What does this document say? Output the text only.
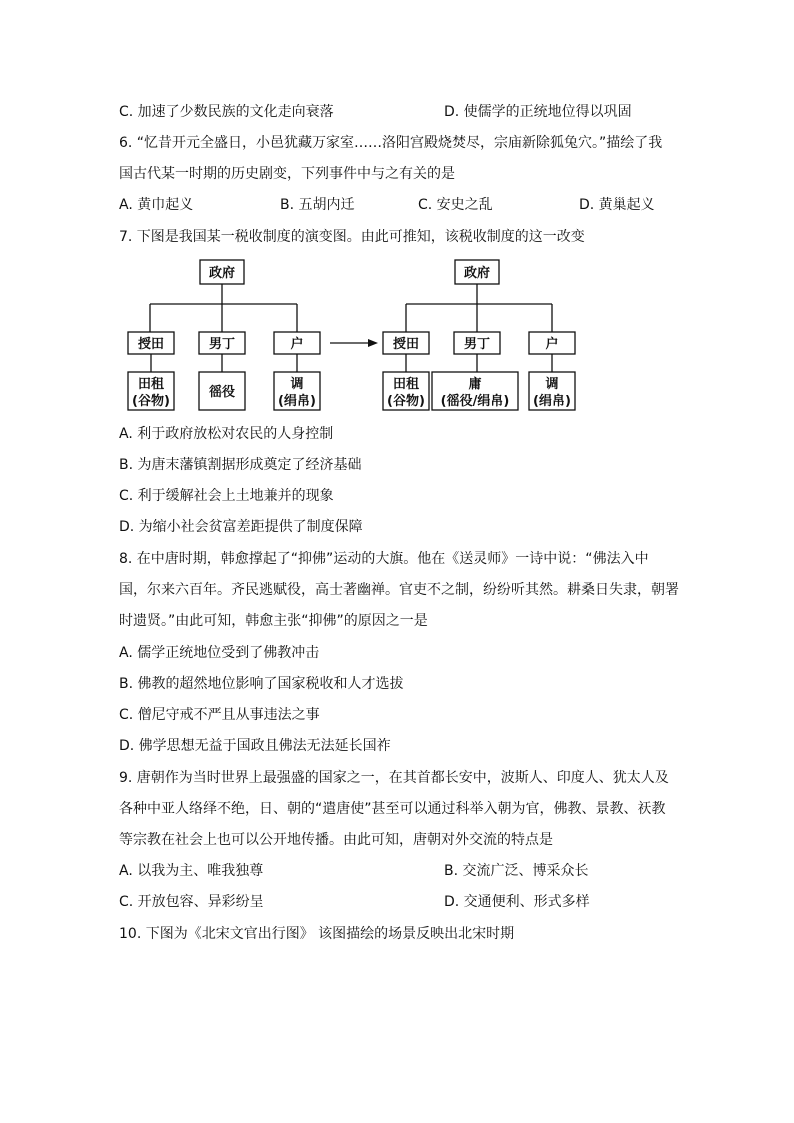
C. 加速了少数民族的文化走向衰落	D. 使儒学的正统地位得以巩固
6. “忆昔开元全盛日，小邑犹藏万家室……洛阳宫殿烧焚尽，宗庙新除狐兔穴。”描绘了我
国古代某一时期的历史剧变，下列事件中与之有关的是
A. 黄巾起义	B. 五胡内迁	C. 安史之乱	D. 黄巢起义
7. 下图是我国某一税收制度的演变图。由此可推知，该税收制度的这一改变
政府
授田	男丁	户
田租
(谷物)
徭役
调
(绢帛)
政府
授田	男丁	户
田租
(谷物)
庸
(徭役/绢帛)
调
(绢帛)
A. 利于政府放松对农民的人身控制
B. 为唐末藩镇割据形成奠定了经济基础
C. 利于缓解社会上土地兼并的现象
D. 为缩小社会贫富差距提供了制度保障
8. 在中唐时期，韩愈撑起了“抑佛”运动的大旗。他在《送灵师》一诗中说：“佛法入中
国，尔来六百年。齐民逃赋役，高士著幽禅。官吏不之制，纷纷听其然。耕桑日失隶，朝署
时遗贤。”由此可知，韩愈主张“抑佛”的原因之一是
A. 儒学正统地位受到了佛教冲击
B. 佛教的超然地位影响了国家税收和人才选拔
C. 僧尼守戒不严且从事违法之事
D. 佛学思想无益于国政且佛法无法延长国祚
9. 唐朝作为当时世界上最强盛的国家之一，在其首都长安中，波斯人、印度人、犹太人及
各种中亚人络绎不绝，日、朝的“遣唐使”甚至可以通过科举入朝为官，佛教、景教、祆教
等宗教在社会上也可以公开地传播。由此可知，唐朝对外交流的特点是
A. 以我为主、唯我独尊	B. 交流广泛、博采众长
C. 开放包容、异彩纷呈	D. 交通便利、形式多样
10. 下图为《北宋文官出行图》 该图描绘的场景反映出北宋时期
